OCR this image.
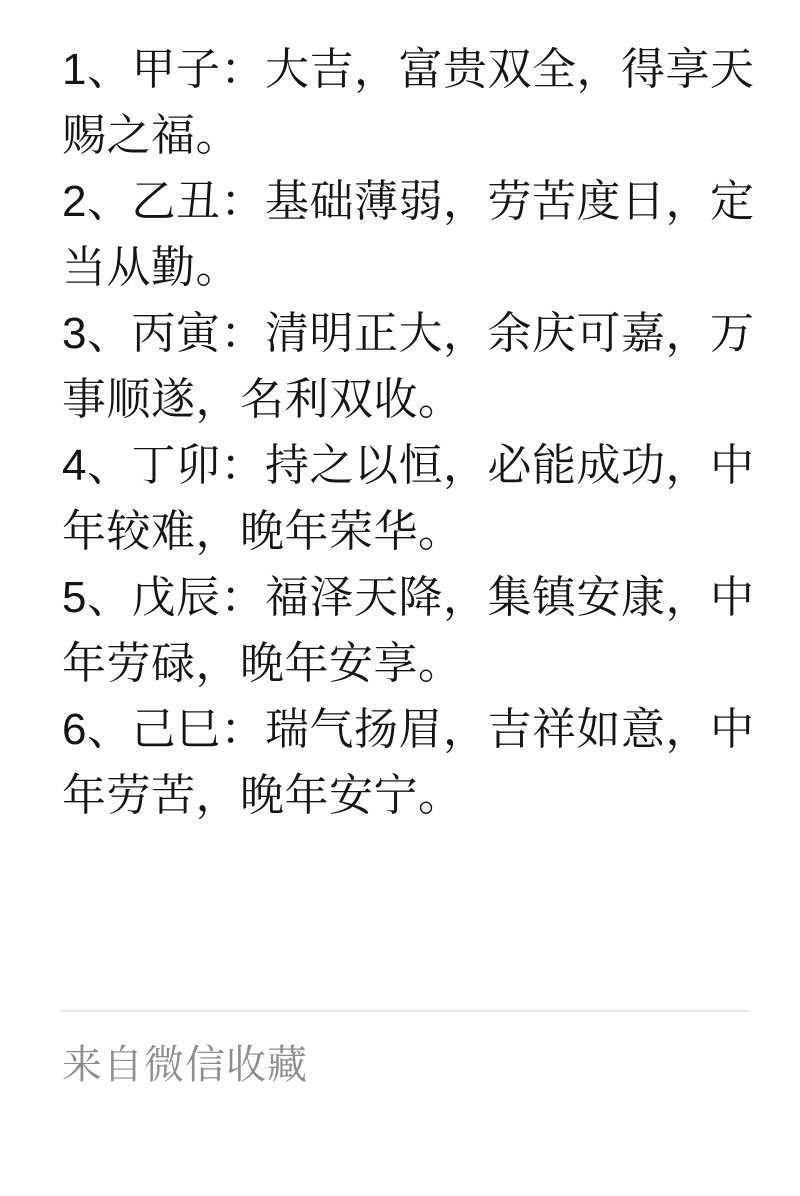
1、甲子：大吉，富贵双全，得享天
赐之福。
2、乙丑：基础薄弱，劳苦度日，定
当从勤。
3、丙寅：清明正大，余庆可嘉，万
事顺遂，名利双收。
4、丁卯：持之以恒，必能成功，中
年较难，晚年荣华。
5、戊辰：福泽天降，集镇安康，中
年劳碌，晚年安享。
6、己巳：瑞气扬眉，吉祥如意，中
年劳苦，晚年安宁。
来自微信收藏
